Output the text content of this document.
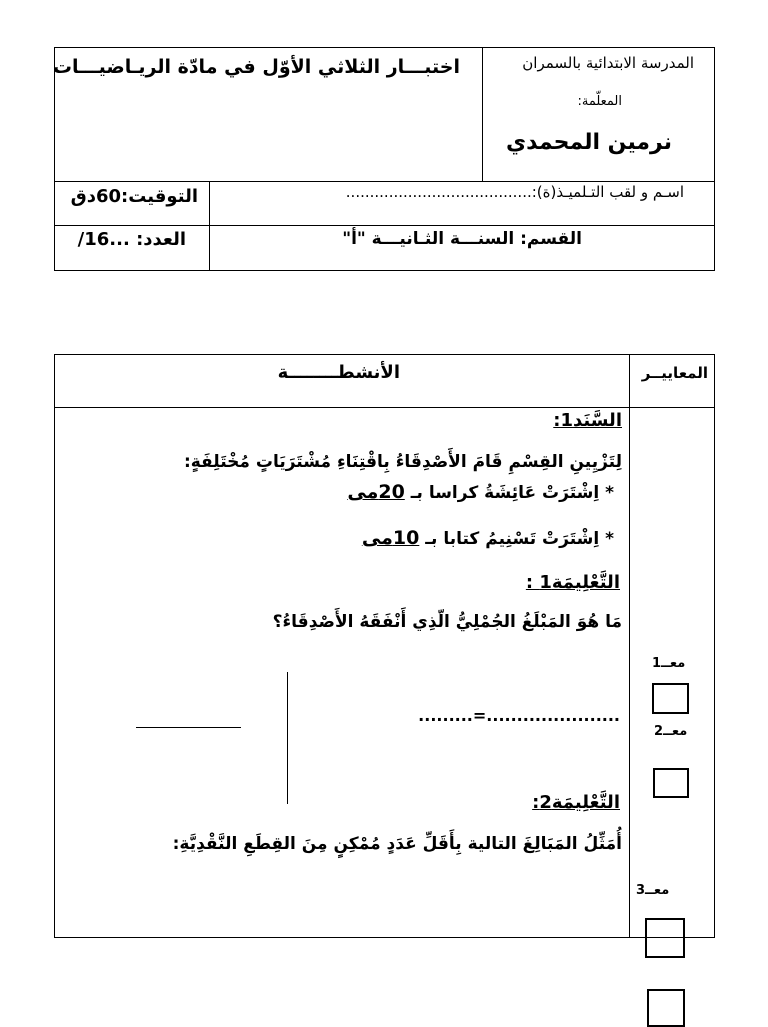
المدرسة الابتدائية بالسمران
المعلّمة:
نرمين المحمدي
اختبـــار الثلاثي الأوّل في مادّة الريـاضيـــات
اسـم و لقب التـلميـذ(ة):.......................................
التوقيت:60دق
القسم: السنـــة الثـانيـــة "أ"
العدد: ...16/
الأنشطــــــــة	المعاييــر
السَّنَد1:
لِتَزْيِينِ القِسْمِ قَامَ الأَصْدِقَاءُ بِاقْتِنَاءِ مُشْتَرَيَاتٍ مُخْتَلِفَةٍ:
* اِشْتَرَتْ عَائِشَةُ كراسا بـ 20مى
* اِشْتَرَتْ تَسْنِيمُ كتابا بـ 10مى
التَّعْلِيمَة1 :
مَا هُوَ المَبْلَغُ الجُمْلِيُّ الّذِي أَنْفَقَهُ الأَصْدِقَاءُ؟
.........=......................
التَّعْلِيمَة2:
أُمَثِّلُ المَبَالِغَ التالية بِأَقَلِّ عَدَدٍ مُمْكِنٍ مِنَ القِطَعِ النَّقْدِيَّةِ:
معــ1
معــ2
معــ3
